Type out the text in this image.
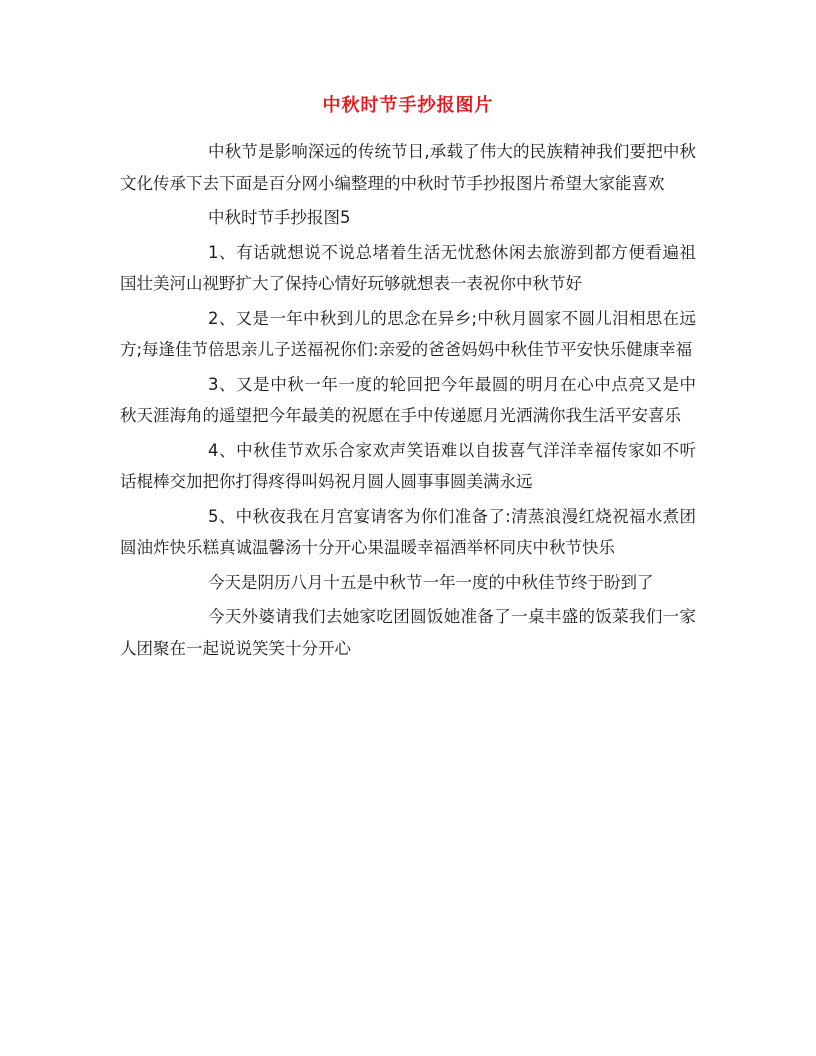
中秋时节手抄报图片

中秋节是影响深远的传统节日,承载了伟大的民族精神我们要把中秋文化传承下去下面是百分网小编整理的中秋时节手抄报图片希望大家能喜欢

中秋时节手抄报图5

1、有话就想说不说总堵着生活无忧愁休闲去旅游到都方便看遍祖国壮美河山视野扩大了保持心情好玩够就想表一表祝你中秋节好

2、又是一年中秋到儿的思念在异乡;中秋月圆家不圆儿泪相思在远方;每逢佳节倍思亲儿子送福祝你们:亲爱的爸爸妈妈中秋佳节平安快乐健康幸福

3、又是中秋一年一度的轮回把今年最圆的明月在心中点亮又是中秋天涯海角的遥望把今年最美的祝愿在手中传递愿月光洒满你我生活平安喜乐

4、中秋佳节欢乐合家欢声笑语难以自拔喜气洋洋幸福传家如不听话棍棒交加把你打得疼得叫妈祝月圆人圆事事圆美满永远

5、中秋夜我在月宫宴请客为你们准备了:清蒸浪漫红烧祝福水煮团圆油炸快乐糕真诚温馨汤十分开心果温暖幸福酒举杯同庆中秋节快乐

今天是阴历八月十五是中秋节一年一度的中秋佳节终于盼到了

今天外婆请我们去她家吃团圆饭她准备了一桌丰盛的饭菜我们一家人团聚在一起说说笑笑十分开心
